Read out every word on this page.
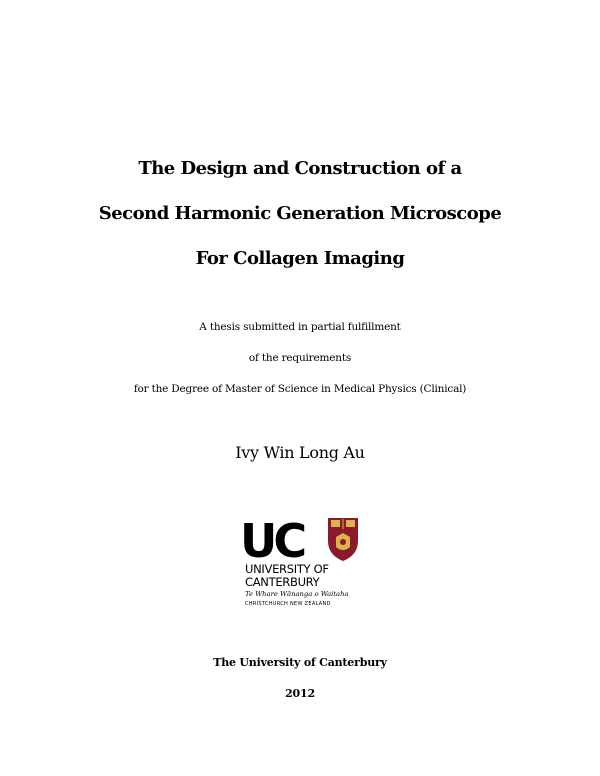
The Design and Construction of a
Second Harmonic Generation Microscope
For Collagen Imaging
A thesis submitted in partial fulfillment
of the requirements
for the Degree of Master of Science in Medical Physics (Clinical)
Ivy Win Long Au
UC
UNIVERSITY OF
CANTERBURY
Te Whare Wānanga o Waitaha
CHRISTCHURCH NEW ZEALAND
The University of Canterbury
2012
